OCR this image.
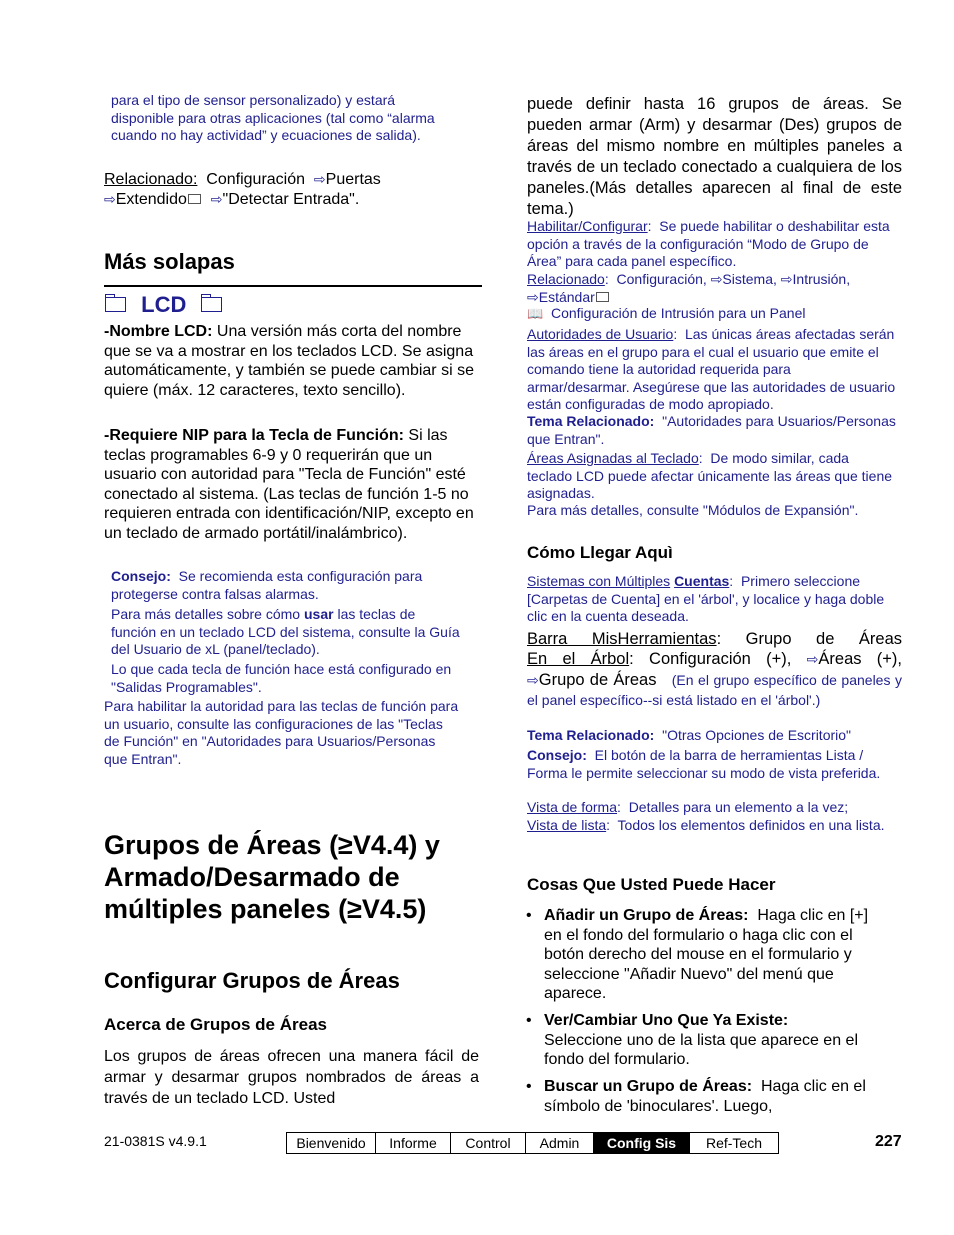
para el tipo de sensor personalizado) y estará disponible para otras aplicaciones (tal como “alarma cuando no hay actividad” y ecuaciones de salida).
Relacionado: Configuración ⇨Puertas
⇨Extendido ⇨"Detectar Entrada".
Más solapas
LCD
-Nombre LCD: Una versión más corta del nombre que se va a mostrar en los teclados LCD. Se asigna automáticamente, y también se puede cambiar si se quiere (máx. 12 caracteres, texto sencillo).
-Requiere NIP para la Tecla de Función: Si las teclas programables 6-9 y 0 requerirán que un usuario con autoridad para "Tecla de Función" esté conectado al sistema. (Las teclas de función 1-5 no requieren entrada con identificación/NIP, excepto en un teclado de armado portátil/inalámbrico).
Consejo: Se recomienda esta configuración para protegerse contra falsas alarmas.
Para más detalles sobre cómo usar las teclas de función en un teclado LCD del sistema, consulte la Guía del Usuario de xL (panel/teclado).
Lo que cada tecla de función hace está configurado en "Salidas Programables".
Para habilitar la autoridad para las teclas de función para un usuario, consulte las configuraciones de las "Teclas de Función" en "Autoridades para Usuarios/Personas que Entran".
Grupos de Áreas (≥V4.4) y Armado/Desarmado de múltiples paneles (≥V4.5)
Configurar Grupos de Áreas
Acerca de Grupos de Áreas
Los grupos de áreas ofrecen una manera fácil de armar y desarmar grupos nombrados de áreas a través de un teclado LCD. Usted
puede definir hasta 16 grupos de áreas. Se pueden armar (Arm) y desarmar (Des) grupos de áreas del mismo nombre en múltiples paneles a través de un teclado conectado a cualquiera de los paneles.(Más detalles aparecen al final de este tema.)
Habilitar/Configurar:  Se puede habilitar o deshabilitar esta opción a través de la configuración “Modo de Grupo de Área” para cada panel específico.
Relacionado:  Configuración, ⇨Sistema, ⇨Intrusión,
⇨Estándar
📖 Configuración de Intrusión para un Panel
Autoridades de Usuario:  Las únicas áreas afectadas serán las áreas en el grupo para el cual el usuario que emite el comando tiene la autoridad requerida para armar/desarmar. Asegúrese que las autoridades de usuario están configuradas de modo apropiado.
Tema Relacionado: "Autoridades para Usuarios/Personas que Entran".
Áreas Asignadas al Teclado:  De modo similar, cada teclado LCD puede afectar únicamente las áreas que tiene asignadas.
Para más detalles, consulte "Módulos de Expansión".
Cómo Llegar Aquì
Sistemas con Múltiples Cuentas:  Primero seleccione [Carpetas de Cuenta] en el 'árbol', y localice y haga doble clic en la cuenta deseada.
Barra MisHerramientas: Grupo de Áreas
En el Árbol: Configuración (+), ⇨Áreas (+),
⇨Grupo de Áreas (En el grupo específico de paneles y el panel específico--si está listado en el 'árbol'.)
Tema Relacionado: "Otras Opciones de Escritorio"
Consejo: El botón de la barra de herramientas Lista / Forma le permite seleccionar su modo de vista preferida.
Vista de forma:  Detalles para un elemento a la vez;
Vista de lista:  Todos los elementos definidos en una lista.
Cosas Que Usted Puede Hacer
• Añadir un Grupo de Áreas: Haga clic en [+] en el fondo del formulario o haga clic con el botón derecho del mouse en el formulario y seleccione "Añadir Nuevo" del menú que aparece.
• Ver/Cambiar Uno Que Ya Existe:
Seleccione uno de la lista que aparece en el fondo del formulario.
• Buscar un Grupo de Áreas: Haga clic en el símbolo de 'binoculares'. Luego,
21-0381S v4.9.1	Bienvenido	Informe	Control	Admin	Config Sis	Ref-Tech	227
